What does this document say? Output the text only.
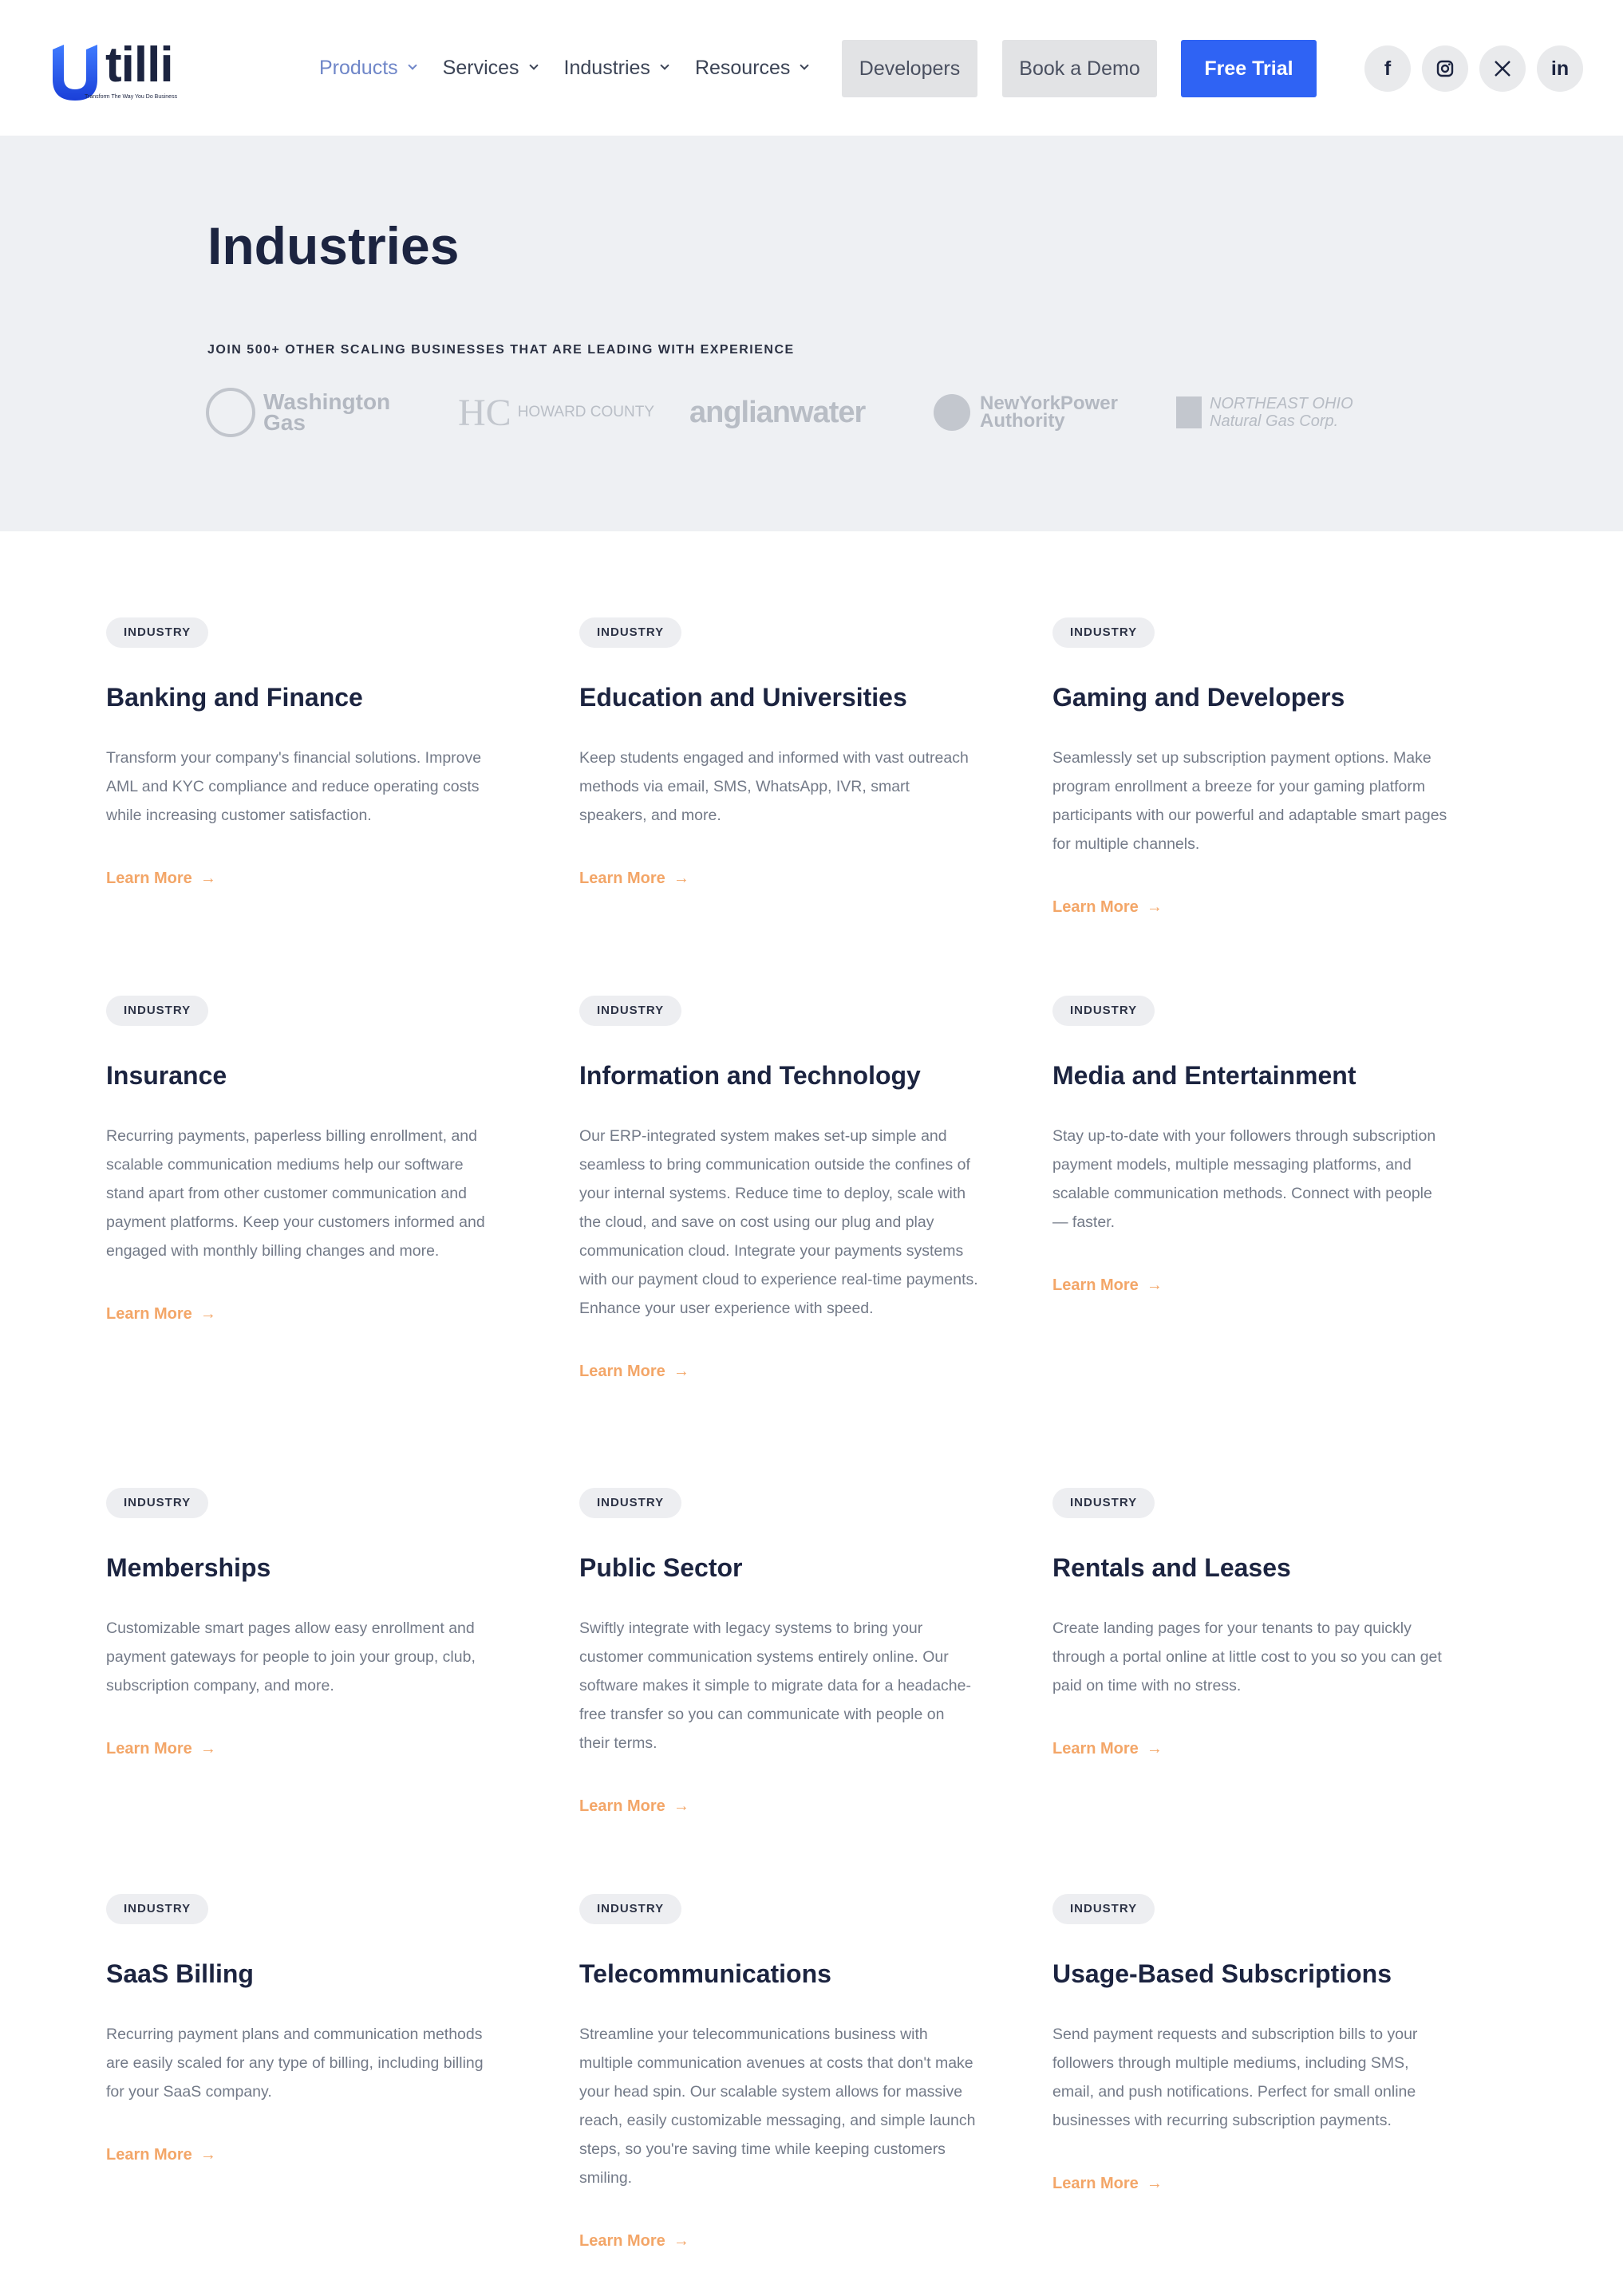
tilli
Transform The Way You Do Business
Products Services Industries Resources	Developers	Book a Demo	Free Trial	f	in
Industries
JOIN 500+ OTHER SCALING BUSINESSES THAT ARE LEADING WITH EXPERIENCE
Washington
Gas	HC HOWARD COUNTY anglianwater	NewYorkPower
Authority
NORTHEAST OHIO
Natural Gas Corp.
INDUSTRY
Banking and Finance
Transform your company's financial solutions. Improve AML and KYC compliance and reduce operating costs while increasing customer satisfaction.
Learn More →
INDUSTRY
Education and Universities
Keep students engaged and informed with vast outreach methods via email, SMS, WhatsApp, IVR, smart speakers, and more.
Learn More →
INDUSTRY
Gaming and Developers
Seamlessly set up subscription payment options. Make program enrollment a breeze for your gaming platform participants with our powerful and adaptable smart pages for multiple channels.
Learn More →
INDUSTRY
Insurance
Recurring payments, paperless billing enrollment, and scalable communication mediums help our software stand apart from other customer communication and payment platforms. Keep your customers informed and engaged with monthly billing changes and more.
Learn More →
INDUSTRY
Information and Technology
Our ERP-integrated system makes set-up simple and seamless to bring communication outside the confines of your internal systems. Reduce time to deploy, scale with the cloud, and save on cost using our plug and play communication cloud. Integrate your payments systems with our payment cloud to experience real-time payments. Enhance your user experience with speed.
Learn More →
INDUSTRY
Media and Entertainment
Stay up-to-date with your followers through subscription payment models, multiple messaging platforms, and scalable communication methods. Connect with people — faster.
Learn More →
INDUSTRY
Memberships
Customizable smart pages allow easy enrollment and payment gateways for people to join your group, club, subscription company, and more.
Learn More →
INDUSTRY
Public Sector
Swiftly integrate with legacy systems to bring your customer communication systems entirely online. Our software makes it simple to migrate data for a headache-free transfer so you can communicate with people on their terms.
Learn More →
INDUSTRY
Rentals and Leases
Create landing pages for your tenants to pay quickly through a portal online at little cost to you so you can get paid on time with no stress.
Learn More →
INDUSTRY
SaaS Billing
Recurring payment plans and communication methods are easily scaled for any type of billing, including billing for your SaaS company.
Learn More →
INDUSTRY
Telecommunications
Streamline your telecommunications business with multiple communication avenues at costs that don't make your head spin. Our scalable system allows for massive reach, easily customizable messaging, and simple launch steps, so you're saving time while keeping customers smiling.
Learn More →
INDUSTRY
Usage-Based Subscriptions
Send payment requests and subscription bills to your followers through multiple mediums, including SMS, email, and push notifications. Perfect for small online businesses with recurring subscription payments.
Learn More →
